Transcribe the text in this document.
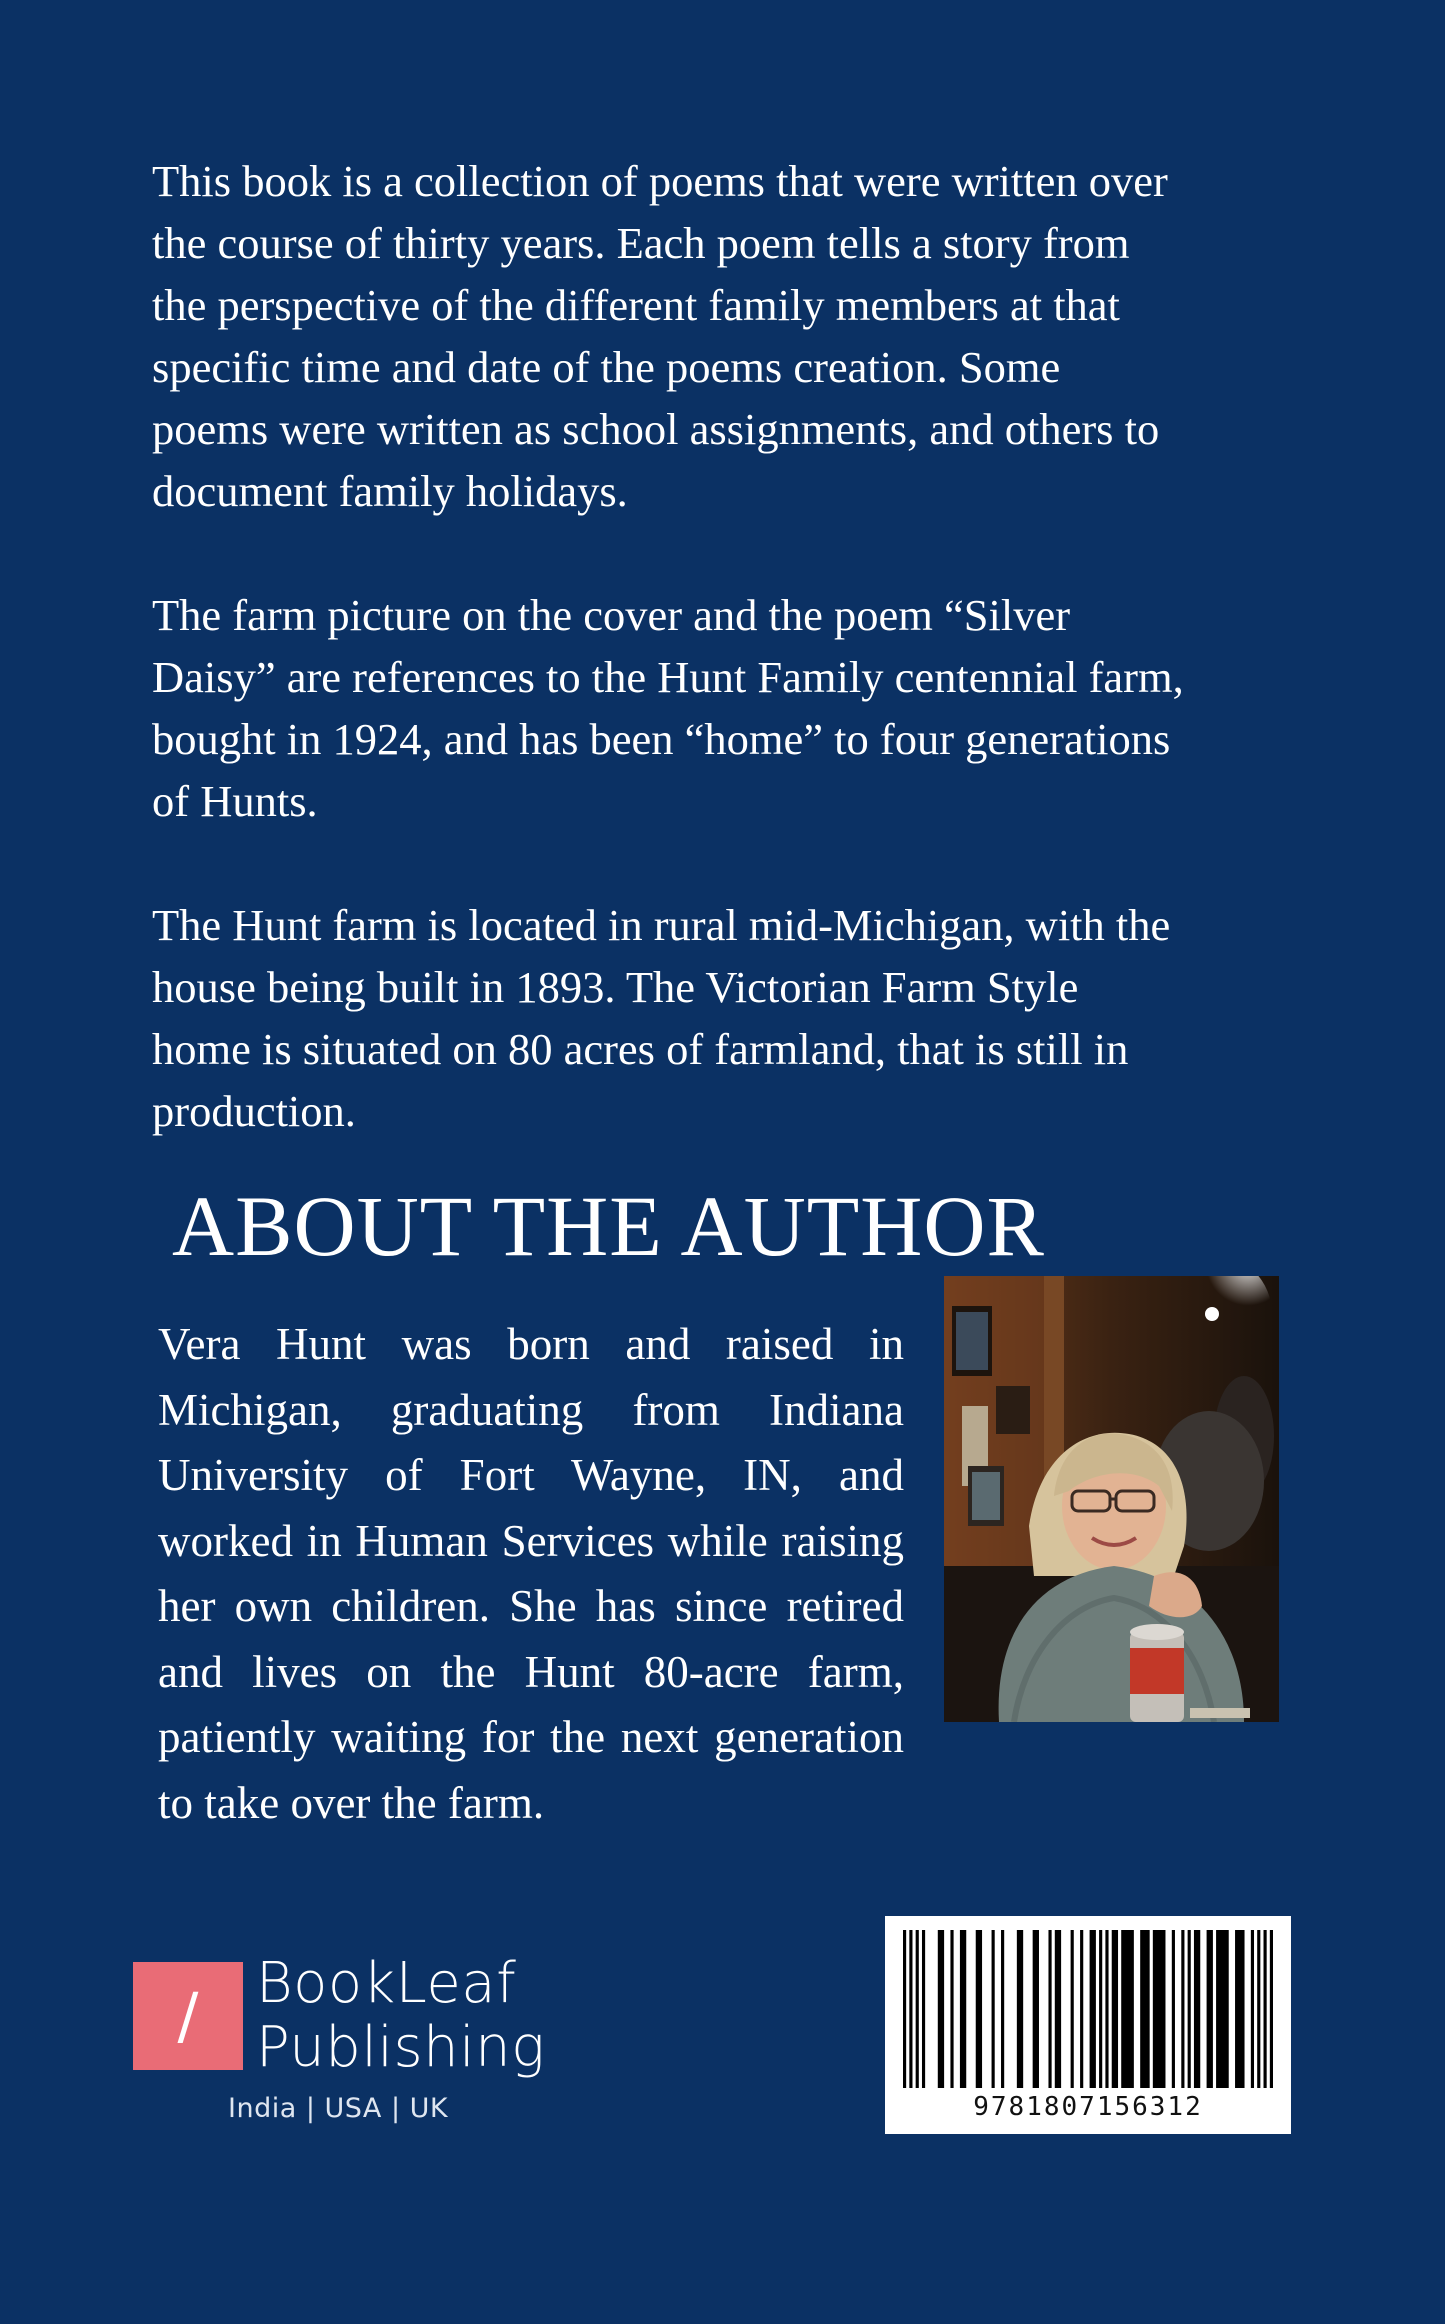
This book is a collection of poems that were written over
the course of thirty years. Each poem tells a story from
the perspective of the different family members at that
specific time and date of the poems creation. Some
poems were written as school assignments, and others to
document family holidays.

The farm picture on the cover and the poem “Silver
Daisy” are references to the Hunt Family centennial farm,
bought in 1924, and has been “home” to four generations
of Hunts.

The Hunt farm is located in rural mid-Michigan, with the
house being built in 1893. The Victorian Farm Style
home is situated on 80 acres of farmland, that is still in
production.

ABOUT THE AUTHOR
Vera Hunt was born and raised in Michigan, graduating from Indiana University of Fort Wayne, IN, and worked in Human Services while raising her own children. She has since retired and lives on the Hunt 80-acre farm, patiently waiting for the next generation to take over the farm.
9781807156312
/	BookLeaf
Publishing
India | USA | UK
